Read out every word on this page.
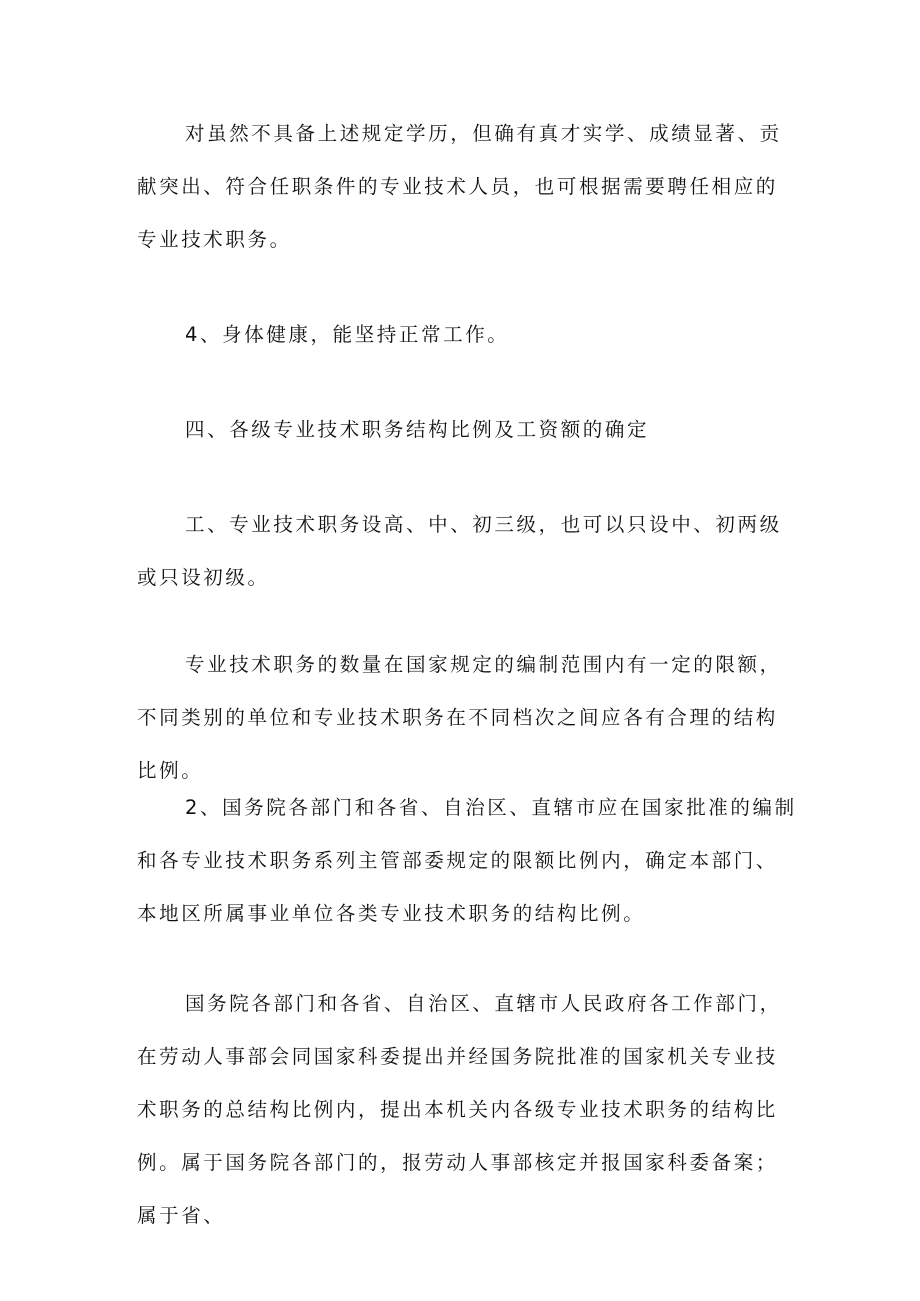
对虽然不具备上述规定学历，但确有真才实学、成绩显著、贡献突出、符合任职条件的专业技术人员，也可根据需要聘任相应的专业技术职务。

4、身体健康，能坚持正常工作。

四、各级专业技术职务结构比例及工资额的确定

工、专业技术职务设高、中、初三级，也可以只设中、初两级或只设初级。

专业技术职务的数量在国家规定的编制范围内有一定的限额，不同类别的单位和专业技术职务在不同档次之间应各有合理的结构比例。

2、国务院各部门和各省、自治区、直辖市应在国家批准的编制和各专业技术职务系列主管部委规定的限额比例内，确定本部门、本地区所属事业单位各类专业技术职务的结构比例。

国务院各部门和各省、自治区、直辖市人民政府各工作部门，在劳动人事部会同国家科委提出并经国务院批准的国家机关专业技术职务的总结构比例内，提出本机关内各级专业技术职务的结构比例。属于国务院各部门的，报劳动人事部核定并报国家科委备案；属于省、
